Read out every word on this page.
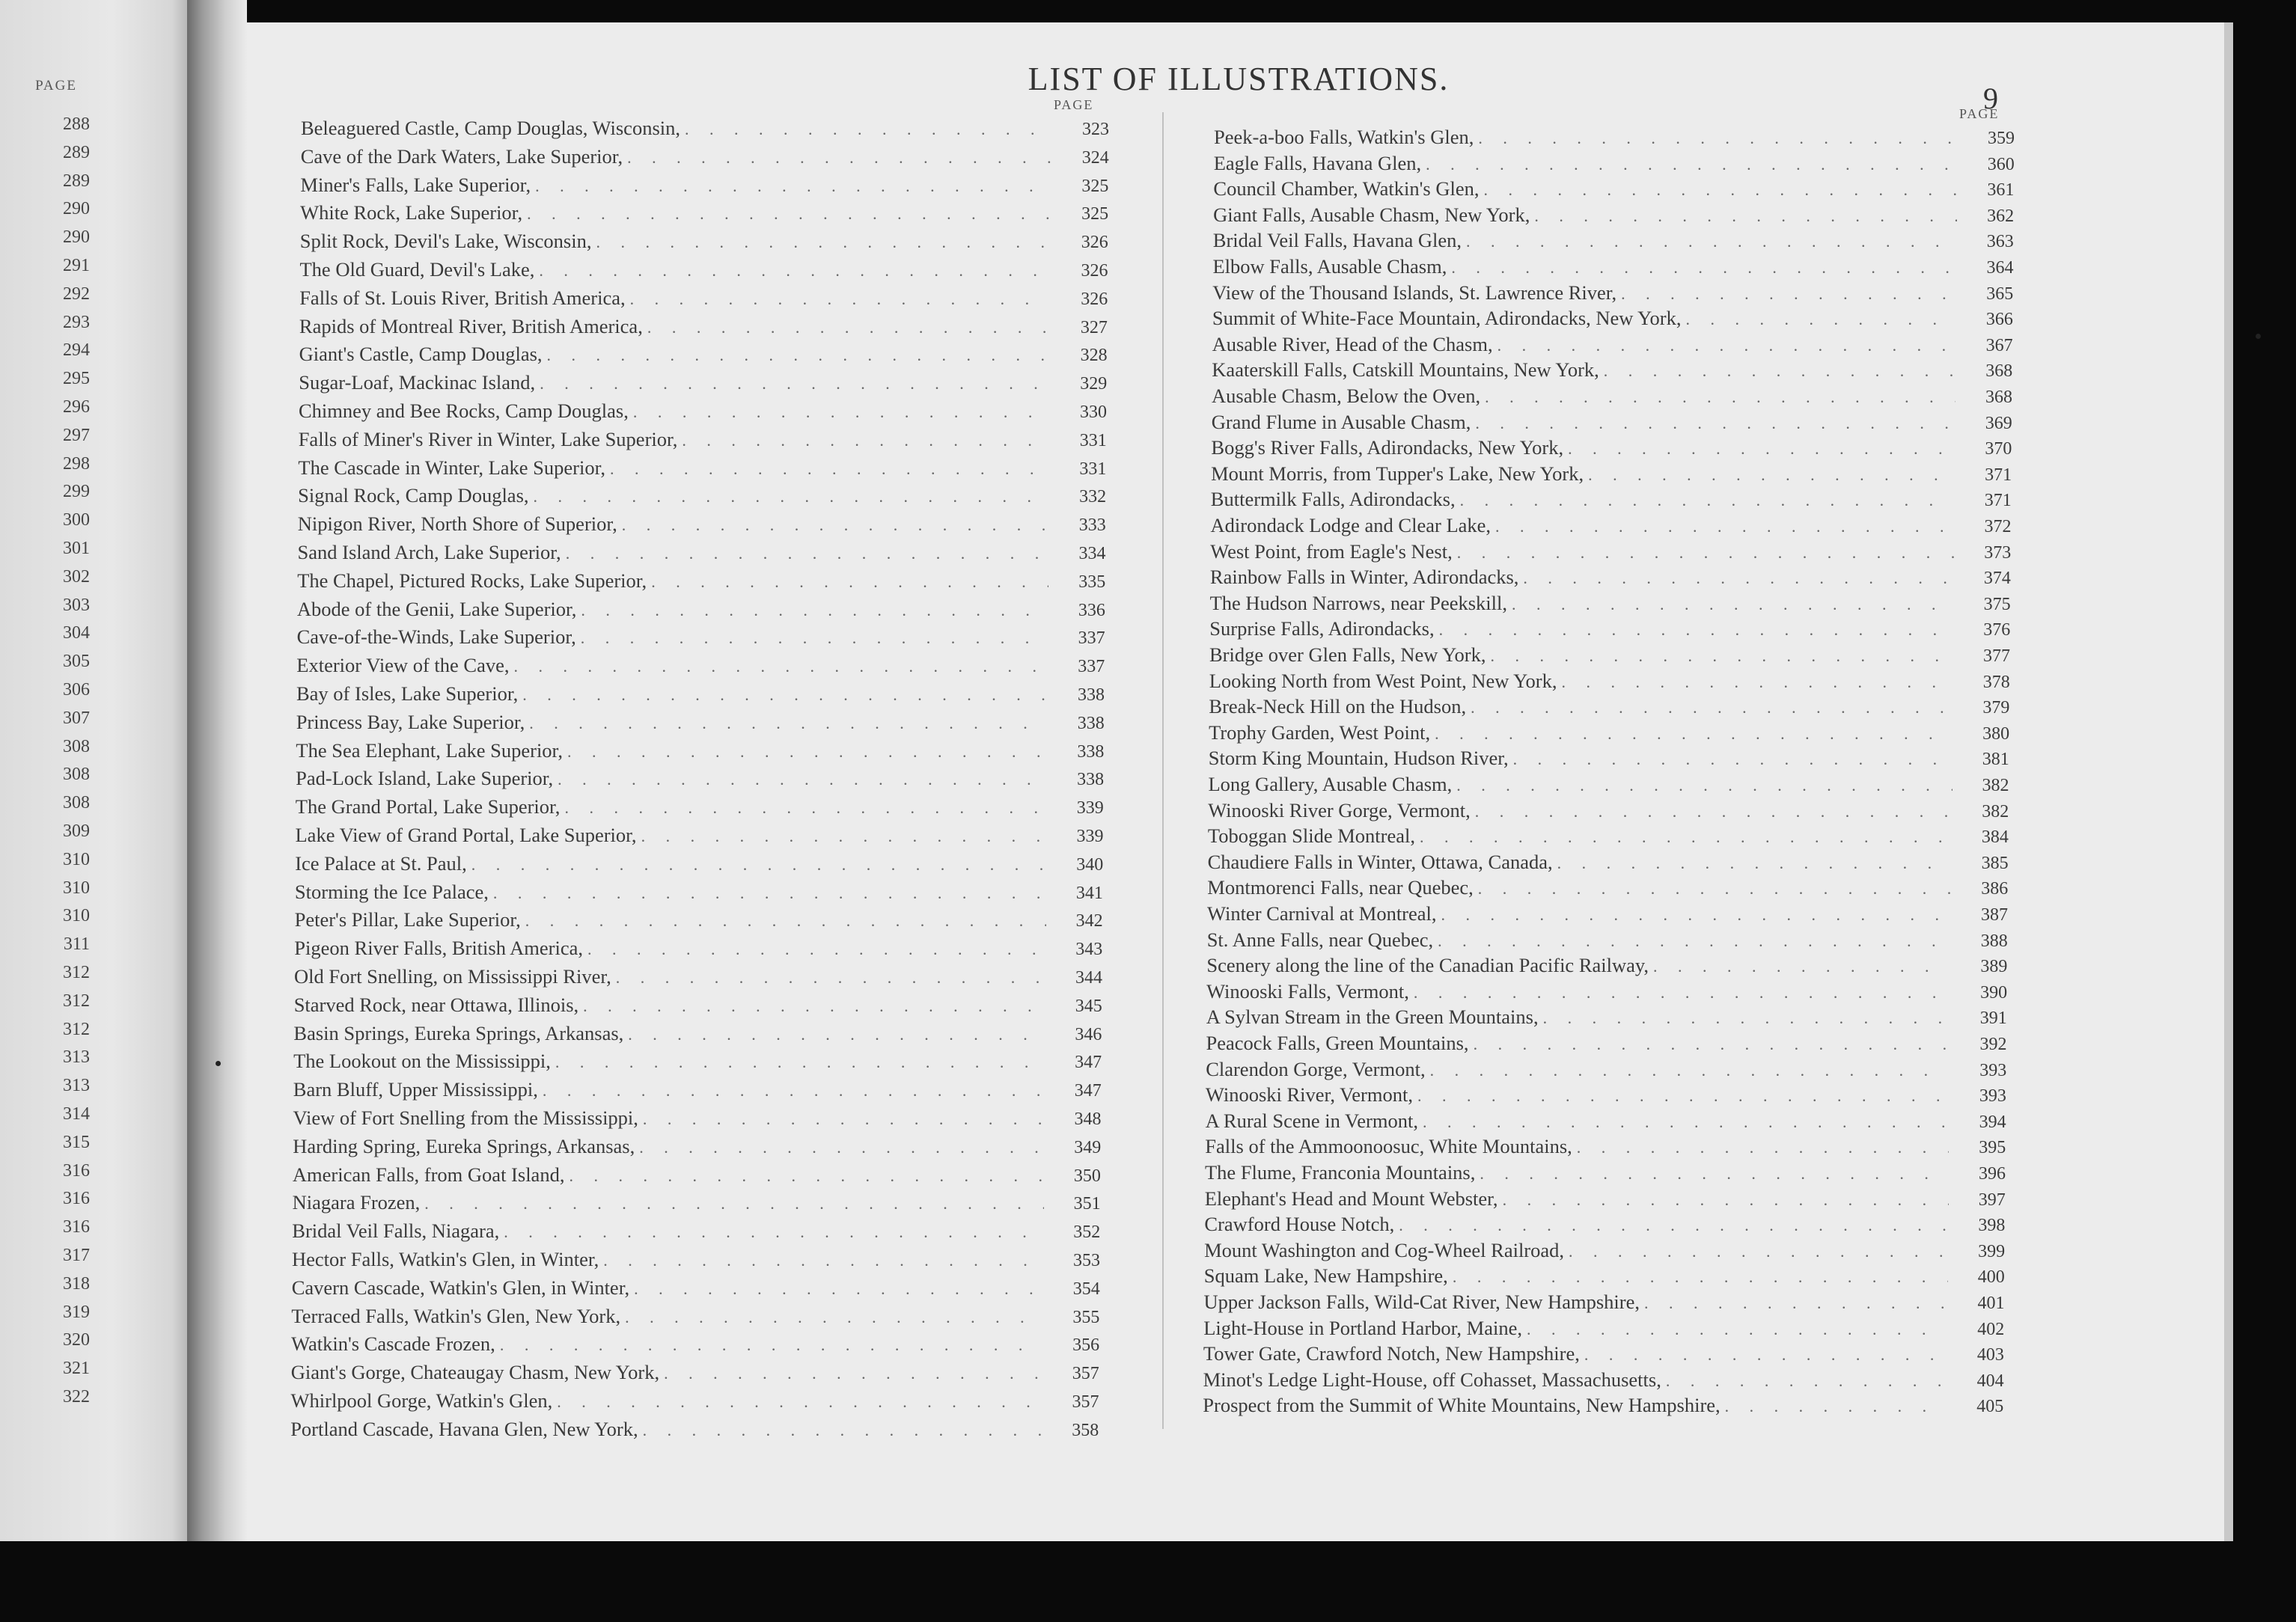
PAGE
288
289
289
290
290
291
292
293
294
295
296
297
298
299
300
301
302
303
304
305
306
307
308
308
308
309
310
310
310
311
312
312
312
313
313
314
315
316
316
316
317
318
319
320
321
322
LIST OF ILLUSTRATIONS.
9
PAGE
PAGE
Beleaguered Castle, Camp Douglas, Wisconsin, . . .	323
Cave of the Dark Waters, Lake Superior, . . .	324
Miner's Falls, Lake Superior, . . .	325
White Rock, Lake Superior, . . .	325
Split Rock, Devil's Lake, Wisconsin, . . .	326
The Old Guard, Devil's Lake, . . .	326
Falls of St. Louis River, British America, . . .	326
Rapids of Montreal River, British America, . . .	327
Giant's Castle, Camp Douglas, . . .	328
Sugar-Loaf, Mackinac Island, . . .	329
Chimney and Bee Rocks, Camp Douglas, . . .	330
Falls of Miner's River in Winter, Lake Superior, . . .	331
The Cascade in Winter, Lake Superior, . . .	331
Signal Rock, Camp Douglas, . . .	332
Nipigon River, North Shore of Superior, . . .	333
Sand Island Arch, Lake Superior, . . .	334
The Chapel, Pictured Rocks, Lake Superior, . . .	335
Abode of the Genii, Lake Superior, . . .	336
Cave-of-the-Winds, Lake Superior, . . .	337
Exterior View of the Cave, . . .	337
Bay of Isles, Lake Superior, . . .	338
Princess Bay, Lake Superior, . . .	338
The Sea Elephant, Lake Superior, . . .	338
Pad-Lock Island, Lake Superior, . . .	338
The Grand Portal, Lake Superior, . . .	339
Lake View of Grand Portal, Lake Superior, . . .	339
Ice Palace at St. Paul, . . .	340
Storming the Ice Palace, . . .	341
Peter's Pillar, Lake Superior, . . .	342
Pigeon River Falls, British America, . . .	343
Old Fort Snelling, on Mississippi River, . . .	344
Starved Rock, near Ottawa, Illinois, . . .	345
Basin Springs, Eureka Springs, Arkansas, . . .	346
The Lookout on the Mississippi, . . .	347
Barn Bluff, Upper Mississippi, . . .	347
View of Fort Snelling from the Mississippi, . . .	348
Harding Spring, Eureka Springs, Arkansas, . . .	349
American Falls, from Goat Island, . . .	350
Niagara Frozen, . . .	351
Bridal Veil Falls, Niagara, . . .	352
Hector Falls, Watkin's Glen, in Winter, . . .	353
Cavern Cascade, Watkin's Glen, in Winter, . . .	354
Terraced Falls, Watkin's Glen, New York, . . .	355
Watkin's Cascade Frozen, . . .	356
Giant's Gorge, Chateaugay Chasm, New York, . . .	357
Whirlpool Gorge, Watkin's Glen, . . .	357
Portland Cascade, Havana Glen, New York, . . .	358
Peek-a-boo Falls, Watkin's Glen, . . .	359
Eagle Falls, Havana Glen, . . .	360
Council Chamber, Watkin's Glen, . . .	361
Giant Falls, Ausable Chasm, New York, . . .	362
Bridal Veil Falls, Havana Glen, . . .	363
Elbow Falls, Ausable Chasm, . . .	364
View of the Thousand Islands, St. Lawrence River, . . .	365
Summit of White-Face Mountain, Adirondacks, New York, . . .	366
Ausable River, Head of the Chasm, . . .	367
Kaaterskill Falls, Catskill Mountains, New York, . . .	368
Ausable Chasm, Below the Oven, . . .	368
Grand Flume in Ausable Chasm, . . .	369
Bogg's River Falls, Adirondacks, New York, . . .	370
Mount Morris, from Tupper's Lake, New York, . . .	371
Buttermilk Falls, Adirondacks, . . .	371
Adirondack Lodge and Clear Lake, . . .	372
West Point, from Eagle's Nest, . . .	373
Rainbow Falls in Winter, Adirondacks, . . .	374
The Hudson Narrows, near Peekskill, . . .	375
Surprise Falls, Adirondacks, . . .	376
Bridge over Glen Falls, New York, . . .	377
Looking North from West Point, New York, . . .	378
Break-Neck Hill on the Hudson, . . .	379
Trophy Garden, West Point, . . .	380
Storm King Mountain, Hudson River, . . .	381
Long Gallery, Ausable Chasm, . . .	382
Winooski River Gorge, Vermont, . . .	382
Toboggan Slide Montreal, . . .	384
Chaudiere Falls in Winter, Ottawa, Canada, . . .	385
Montmorenci Falls, near Quebec, . . .	386
Winter Carnival at Montreal, . . .	387
St. Anne Falls, near Quebec, . . .	388
Scenery along the line of the Canadian Pacific Railway, . . .	389
Winooski Falls, Vermont, . . .	390
A Sylvan Stream in the Green Mountains, . . .	391
Peacock Falls, Green Mountains, . . .	392
Clarendon Gorge, Vermont, . . .	393
Winooski River, Vermont, . . .	393
A Rural Scene in Vermont, . . .	394
Falls of the Ammoonoosuc, White Mountains, . . .	395
The Flume, Franconia Mountains, . . .	396
Elephant's Head and Mount Webster, . . .	397
Crawford House Notch, . . .	398
Mount Washington and Cog-Wheel Railroad, . . .	399
Squam Lake, New Hampshire, . . .	400
Upper Jackson Falls, Wild-Cat River, New Hampshire, . . .	401
Light-House in Portland Harbor, Maine, . . .	402
Tower Gate, Crawford Notch, New Hampshire, . . .	403
Minot's Ledge Light-House, off Cohasset, Massachusetts, . . .	404
Prospect from the Summit of White Mountains, New Hampshire, . . .	405
